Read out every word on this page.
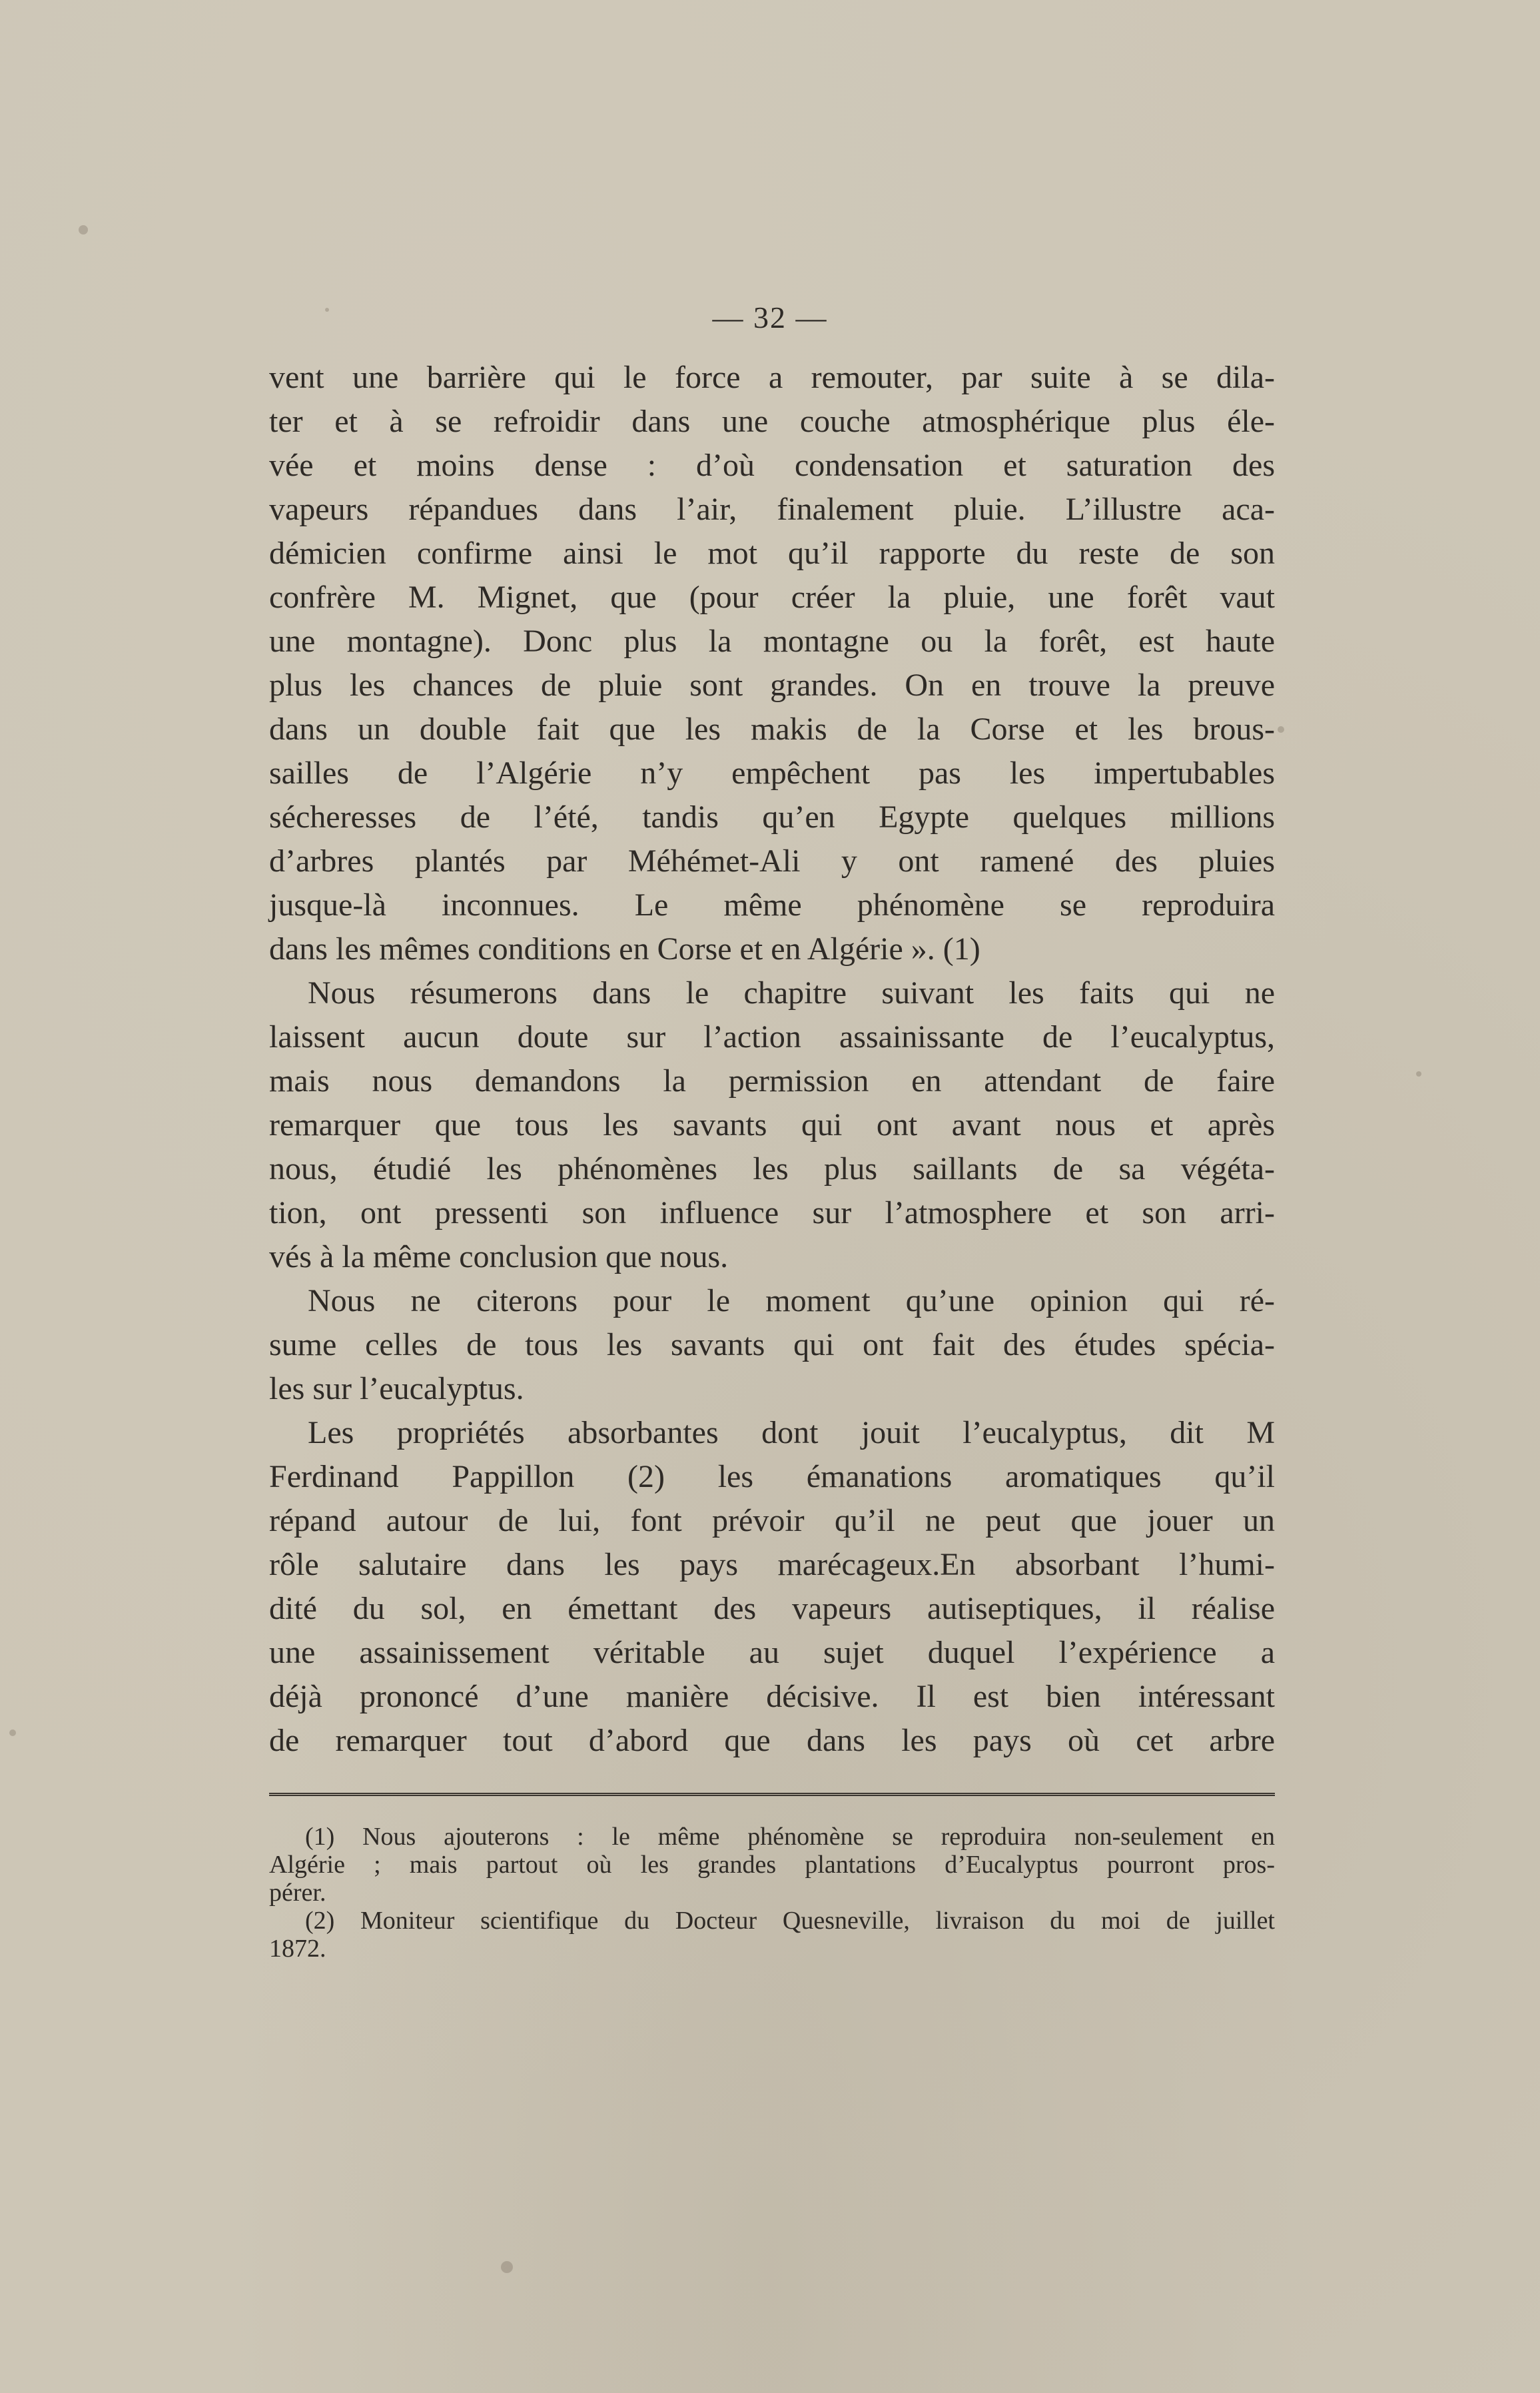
— 32 —
vent une barrière qui le force a remouter, par suite à se dila-
ter et à se refroidir dans une couche atmosphérique plus éle-
vée et moins dense : d’où condensation et saturation des
vapeurs répandues dans l’air, finalement pluie. L’illustre aca-
démicien confirme ainsi le mot qu’il rapporte du reste de son
confrère M. Mignet, que (pour créer la pluie, une forêt vaut
une montagne). Donc plus la montagne ou la forêt, est haute
plus les chances de pluie sont grandes. On en trouve la preuve
dans un double fait que les makis de la Corse et les brous-
sailles de l’Algérie n’y empêchent pas les impertubables
sécheresses de l’été, tandis qu’en Egypte quelques millions
d’arbres plantés par Méhémet-Ali y ont ramené des pluies
jusque-là inconnues. Le même phénomène se reproduira
dans les mêmes conditions en Corse et en Algérie ». (1)
Nous résumerons dans le chapitre suivant les faits qui ne
laissent aucun doute sur l’action assainissante de l’eucalyptus,
mais nous demandons la permission en attendant de faire
remarquer que tous les savants qui ont avant nous et après
nous, étudié les phénomènes les plus saillants de sa végéta-
tion, ont pressenti son influence sur l’atmosphere et son arri-
vés à la même conclusion que nous.
Nous ne citerons pour le moment qu’une opinion qui ré-
sume celles de tous les savants qui ont fait des études spécia-
les sur l’eucalyptus.
Les propriétés absorbantes dont jouit l’eucalyptus, dit M
Ferdinand Pappillon (2) les émanations aromatiques qu’il
répand autour de lui, font prévoir qu’il ne peut que jouer un
rôle salutaire dans les pays marécageux.En absorbant l’humi-
dité du sol, en émettant des vapeurs autiseptiques, il réalise
une assainissement véritable au sujet duquel l’expérience a
déjà prononcé d’une manière décisive. Il est bien intéressant
de remarquer tout d’abord que dans les pays où cet arbre
(1) Nous ajouterons : le même phénomène se reproduira non-seulement en
Algérie ; mais partout où les grandes plantations d’Eucalyptus pourront pros-
pérer.
(2) Moniteur scientifique du Docteur Quesneville, livraison du moi de juillet
1872.
